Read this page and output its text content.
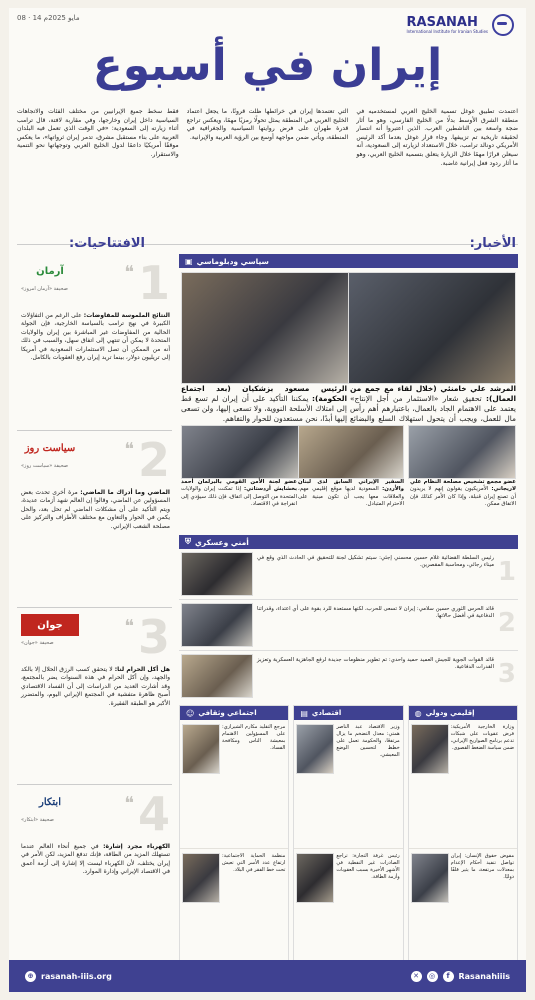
08 · 14 مايو 2025م	RASANAH
International Institute for Iranian Studies
إيران في أسبوع

اعتمدت تطبيق غوغل تسمية الخليج العربي لمستخدميه في منطقة الشرق الأوسط بدلًا من الخليج الفارسي، وهو ما أثار ضجة واسعة بين الناشطين العرب. الذين اعتبروا أنه انتصار لحقيقة تاريخية تم تزييفها. وجاء قرار غوغل بعدما أكد الرئيس الأمريكي دونالد ترامب، خلال الاستعداد لزيارته إلى السعودية، أنه سيعلن قرارًا مهمًا خلال الزيارة يتعلق بتسمية الخليج العربي، وهو ما أثار ردود فعل إيرانية غاضبة.

التي تعتمدها إيران في خرائطها ظلت قرونًا، ما يجعل اعتماد الخليج العربي في المنطقة يمثل تحولًا رمزيًا مهمًا، ويعكس تراجع قدرة طهران على فرض روايتها السياسية والجغرافية في المنطقة، ويأتي ضمن مواجهة أوسع بين الرؤية العربية والإيرانية.

فقط سخط جميع الإيرانيين من مختلف الفئات والاتجاهات السياسية داخل إيران وخارجها، وفي مقاربة لافتة، قال ترامب أثناء زيارته إلى السعودية: «في الوقت الذي تعمل فيه البلدان العربية على بناء مستقبل مشرق، تدمر إيران ثرواتها»، ما يعكس موقفًا أمريكيًا داعمًا لدول الخليج العربي وتوجهاتها نحو التنمية والاستقرار.

الأخبار:
الافتتاحيات:
1
❝
آرمان
صحيفة «آرمان امروز»
النتائج الملموسة للمفاوضات: على الرغم من التفاؤلات الكبيرة في نهج ترامب بالسياسة الخارجية، فإن الجولة الحالية من المفاوضات غير المباشرة بين إيران والولايات المتحدة لا يمكن أن تنتهي إلى اتفاق سهل، والسبب في ذلك أنه من الممكن أن تصل الاستثمارات السعودية في أمريكا إلى تريليون دولار، بينما تريد إيران رفع العقوبات بالكامل.
2
❝
سیاست روز
صحيفة «سياست روز»
الماضي وما أدراك ما الماضي: مرة أخرى تحدث بعض المسؤولين عن الماضي، وقالوا إن العالم شهد أزمات عديدة، ويتم التأكيد على أن مشكلات الماضي لم تحل بعد، والحل يكمن في الحوار والتعاون مع مختلف الأطراف والتركيز على مصلحة الشعب الإيراني.
3
❝
جوان
صحيفة «جوان»
هل أكل الحرام لنا: لا يتحقق كسب الرزق الحلال إلا بالكد والجهد، وإن أكل الحرام في هذه السنوات يضر بالمجتمع، وقد أشارت العديد من الدراسات إلى أن الفساد الاقتصادي أصبح ظاهرة متفشية في المجتمع الإيراني اليوم، والمتضرر الأكبر هو الطبقة الفقيرة.
4
❝
ابتكار
صحيفة «ابتكار»
الكهرباء مجرد إشارة: في جميع أنحاء العالم عندما تستهلك المزيد من الطاقة، فإنك تدفع المزيد، لكن الأمر في إيران يختلف، لأن الكهرباء ليست إلا إشارة إلى أزمة أعمق في الاقتصاد الإيراني وإدارة الموارد.
سياسي ودبلوماسي
▣
المرشد علي خامنئي (خلال لقاء مع جمع من العمال): تحقيق شعار «الاستثمار من أجل الإنتاج» يعتمد على الاهتمام الجاد بالعمال، باعتبارهم أهم رأس مال للعمل، ويجب أن يتحول استهلاك السلع والبضائع
الرئيس مسعود بزشكيان (بعد اجتماع الحكومة): يمكننا التأكيد على أن إيران لم تسع قط إلى امتلاك الأسلحة النووية، ولا تسعى إليها، ولن تسعى إليها أبدًا، نحن مستعدون للحوار والتفاهم.
عضو مجمع تشخيص مصلحة النظام علي لاريجاني: الأمريكيون يقولون إنهم لا يريدون أن تصنع إيران قنبلة، وإذا كان الأمر كذلك فإن الاتفاق ممكن.
السفير الإيراني السابق لدى لبنان والأردن: السعودية لديها موقع إقليمي مهم، والعلاقات معها يجب أن تكون مبنية على الاحترام المتبادل.
عضو لجنة الأمن القومي بالبرلمان أحمد بخشايش أردستاني: إذا تمكنت إيران والولايات المتحدة من التوصل إلى اتفاق، فإن ذلك سيؤدي إلى انفراجة في الاقتصاد.
أمني وعسكري
⛨
1
رئيس السلطة القضائية غلام حسين محسني إجئي: سيتم تشكيل لجنة للتحقيق في الحادث الذي وقع في ميناء رجائي، ومحاسبة المقصرين.
2
قائد الحرس الثوري حسين سلامي: إيران لا تسعى للحرب، لكنها مستعدة للرد بقوة على أي اعتداء، وقدراتنا الدفاعية في أفضل حالاتها.
3
قائد القوات الجوية للجيش العميد حميد واحدي: تم تطوير منظومات جديدة لرفع الجاهزية العسكرية وتعزيز القدرات الدفاعية.
إقليمي ودولي
◍
وزارة الخارجية الأمريكية: فرض عقوبات على شبكات تدعم برنامج الصواريخ الإيراني، ضمن سياسة الضغط القصوى.
مفوض حقوق الإنسان: إيران تواصل تنفيذ أحكام الإعدام بمعدلات مرتفعة، ما يثير قلقًا دوليًا.
اقتصادي
▤
وزير الاقتصاد عبد الناصر همتي: معدل التضخم ما يزال مرتفعًا، والحكومة تعمل على خطط لتحسين الوضع المعيشي.
رئيس غرفة التجارة: تراجع الصادرات غير النفطية في الأشهر الأخيرة بسبب العقوبات وأزمة الطاقة.
اجتماعي وثقافي
☺
مرجع التقليد مكارم الشيرازي: على المسؤولين الاهتمام بمعيشة الناس ومكافحة الفساد.
منظمة الحماية الاجتماعية: ارتفاع عدد الأسر التي تعيش تحت خط الفقر في البلاد.
⊕ rasanah-iiis.org	✕	◎	f	Rasanahiiis
